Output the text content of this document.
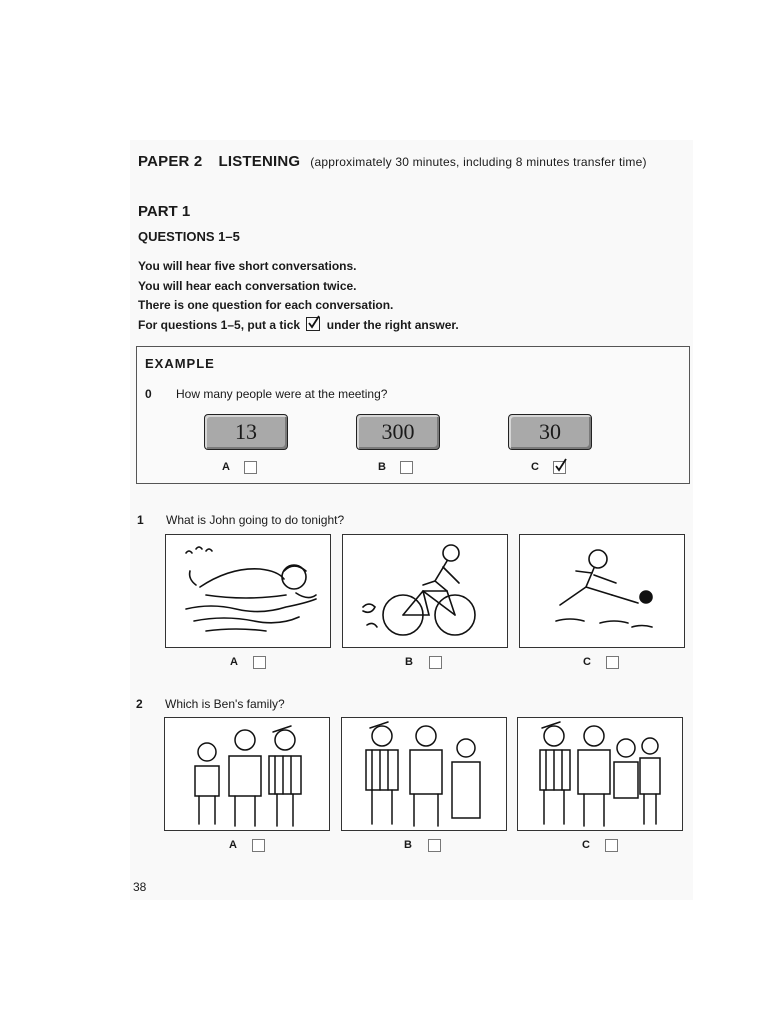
PAPER 2 LISTENING (approximately 30 minutes, including 8 minutes transfer time)
PART 1
QUESTIONS 1–5
You will hear five short conversations.
You will hear each conversation twice.
There is one question for each conversation.
For questions 1–5, put a tick under the right answer.
EXAMPLE
0 How many people were at the meeting?
13	300	30
A	B	C
1 What is John going to do tonight?
A	B	C
2 Which is Ben's family?
A	B	C
38
